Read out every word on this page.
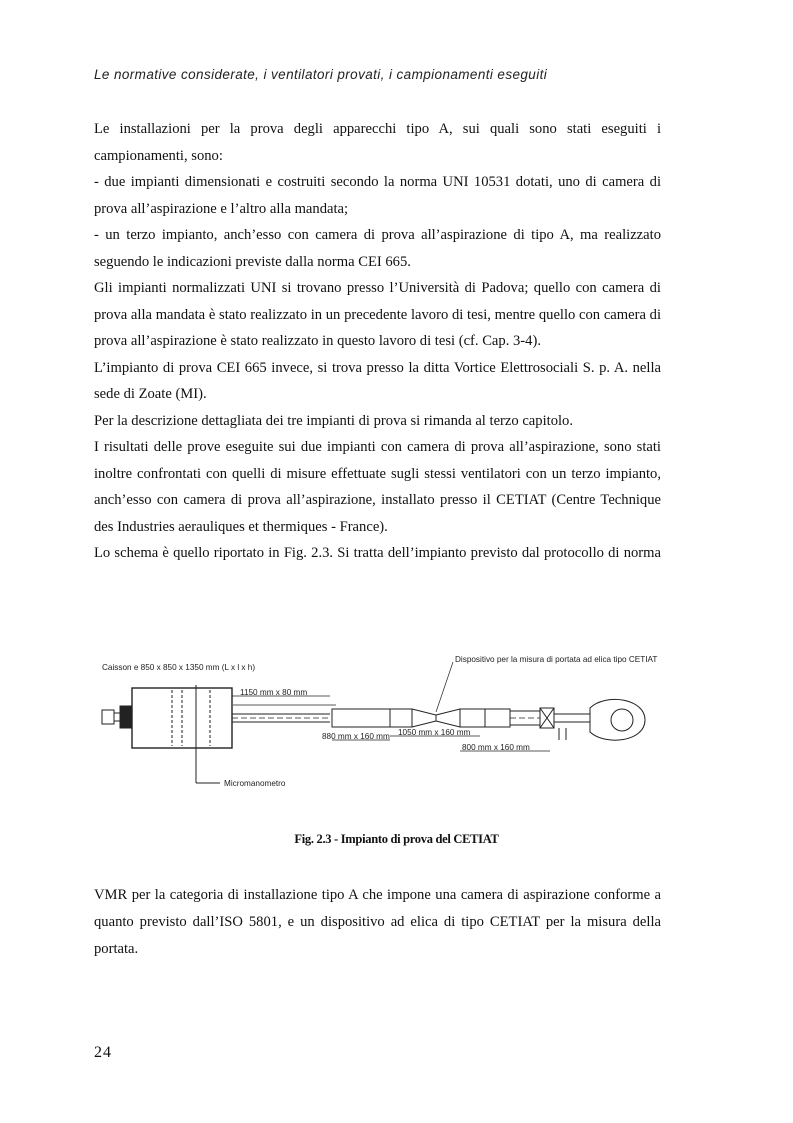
Le normative considerate, i ventilatori provati, i campionamenti eseguiti

Le installazioni per la prova degli apparecchi tipo A, sui quali sono stati eseguiti i campionamenti, sono:

- due impianti dimensionati e costruiti secondo la norma UNI 10531 dotati, uno di camera di prova all’aspirazione e l’altro alla mandata;

- un terzo impianto, anch’esso con camera di prova all’aspirazione di tipo A, ma realizzato seguendo le indicazioni previste dalla norma CEI 665.

Gli impianti normalizzati UNI si trovano presso l’Università di Padova; quello con camera di prova alla mandata è stato realizzato in un precedente lavoro di tesi, mentre quello con camera di prova all’aspirazione è stato realizzato in questo lavoro di tesi (cf. Cap. 3-4).

L’impianto di prova CEI 665 invece, si trova presso la ditta Vortice Elettrosociali S. p. A. nella sede di Zoate (MI).

Per la descrizione dettagliata dei tre impianti di prova si rimanda al terzo capitolo.

I risultati delle prove eseguite sui due impianti con camera di prova all’aspirazione, sono stati inoltre confrontati con quelli di misure effettuate sugli stessi ventilatori con un terzo impianto, anch’esso con camera di prova all’aspirazione, installato presso il CETIAT (Centre Technique des Industries aerauliques et thermiques - France).

Lo schema è quello riportato in Fig. 2.3. Si tratta dell’impianto previsto dal protocollo di norma

Caisson e 850 x 850 x 1350 mm (L x l x h)
Dispositivo per la misura di portata ad elica tipo CETIAT
1150 mm x 80 mm
880 mm x 160 mm 1050 mm x 160 mm
800 mm x 160 mm
Micromanometro
Fig. 2.3 - Impianto di prova del CETIAT

VMR per la categoria di installazione tipo A che impone una camera di aspirazione conforme a quanto previsto dall’ISO 5801, e un dispositivo ad elica di tipo CETIAT per la misura della portata.

24
